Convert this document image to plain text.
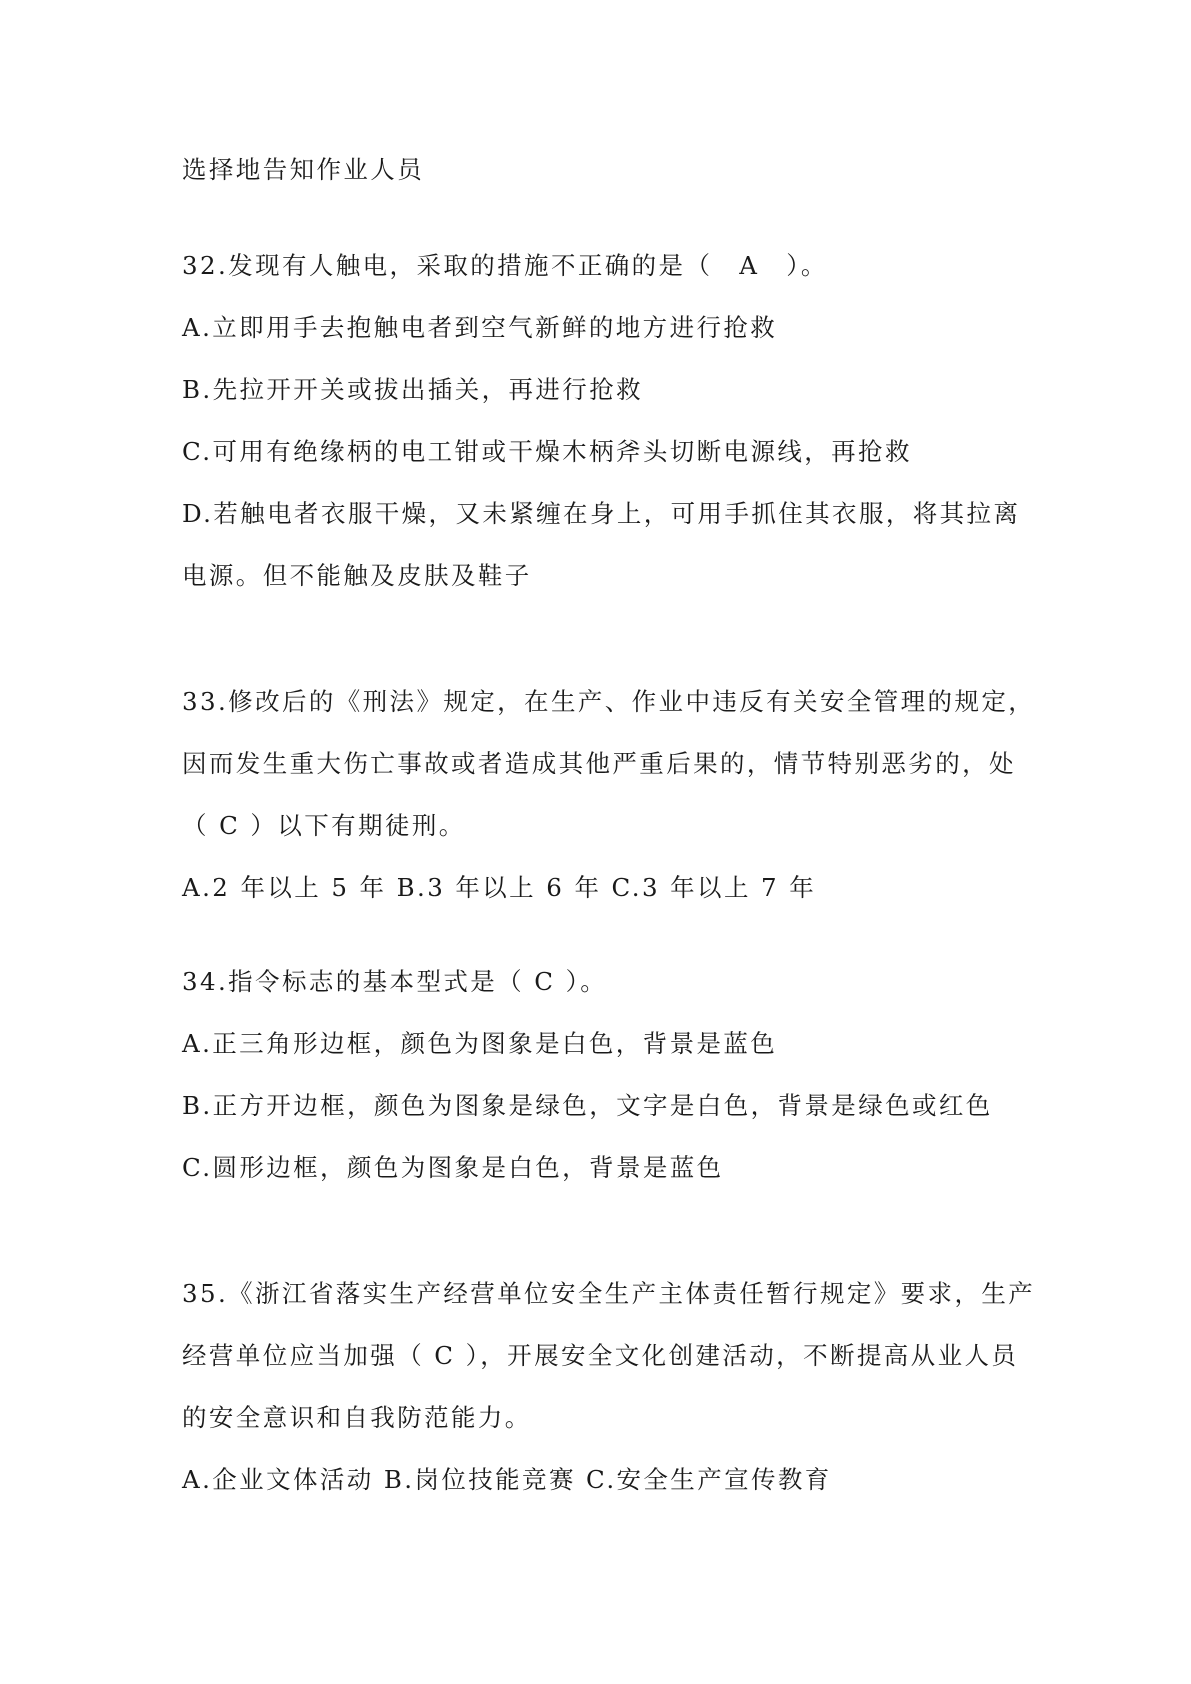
选择地告知作业人员
32.发现有人触电，采取的措施不正确的是（　A　）。
A.立即用手去抱触电者到空气新鲜的地方进行抢救
B.先拉开开关或拔出插关，再进行抢救
C.可用有绝缘柄的电工钳或干燥木柄斧头切断电源线，再抢救
D.若触电者衣服干燥，又未紧缠在身上，可用手抓住其衣服，将其拉离
电源。但不能触及皮肤及鞋子
33.修改后的《刑法》规定，在生产、作业中违反有关安全管理的规定，
因而发生重大伤亡事故或者造成其他严重后果的，情节特别恶劣的，处
（ C ）以下有期徒刑。
A.2 年以上 5 年 B.3 年以上 6 年 C.3 年以上 7 年
34.指令标志的基本型式是（ C ）。
A.正三角形边框，颜色为图象是白色，背景是蓝色
B.正方开边框，颜色为图象是绿色，文字是白色，背景是绿色或红色
C.圆形边框，颜色为图象是白色，背景是蓝色
35.《浙江省落实生产经营单位安全生产主体责任暂行规定》要求，生产
经营单位应当加强（ C ），开展安全文化创建活动，不断提高从业人员
的安全意识和自我防范能力。
A.企业文体活动 B.岗位技能竞赛 C.安全生产宣传教育
